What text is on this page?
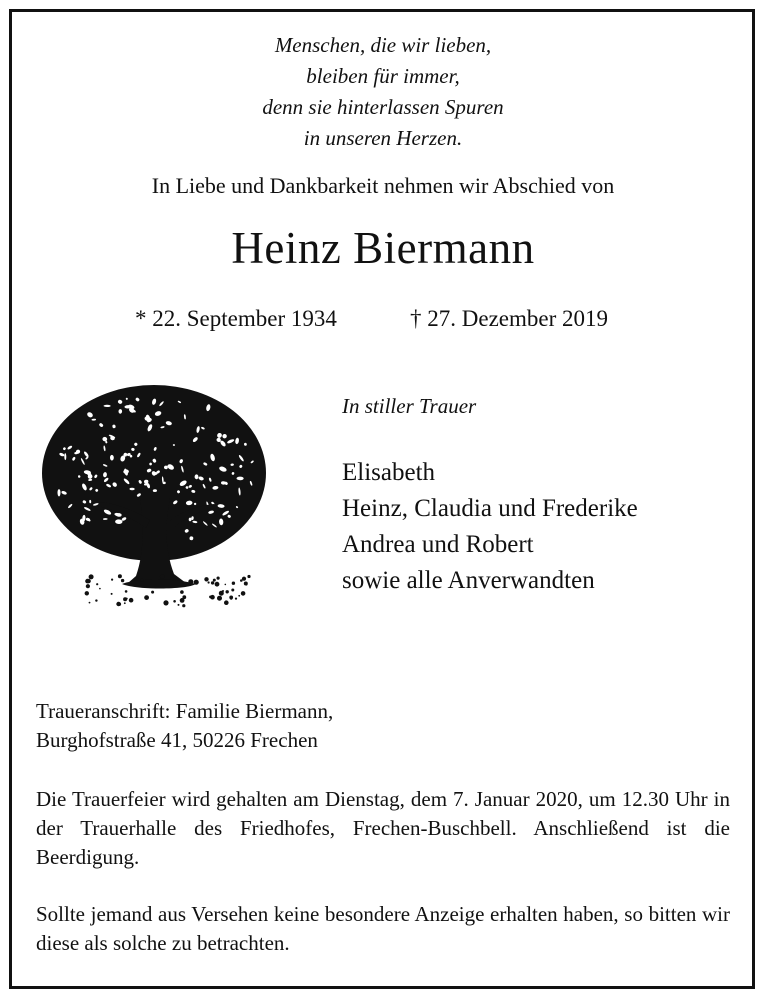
Menschen, die wir lieben,
bleiben für immer,
denn sie hinterlassen Spuren
in unseren Herzen.
In Liebe und Dankbarkeit nehmen wir Abschied von
Heinz Biermann
* 22. September 1934	† 27. Dezember 2019
In stiller Trauer
Elisabeth
Heinz, Claudia und Frederike
Andrea und Robert
sowie alle Anverwandten
Traueranschrift: Familie Biermann,
Burghofstraße 41, 50226 Frechen

Die Trauerfeier wird gehalten am Dienstag, dem 7. Januar 2020, um 12.30 Uhr in der Trauerhalle des Friedhofes, Frechen-Buschbell. Anschließend ist die Beerdigung.

Sollte jemand aus Versehen keine besondere Anzeige erhalten haben, so bitten wir diese als solche zu betrachten.
